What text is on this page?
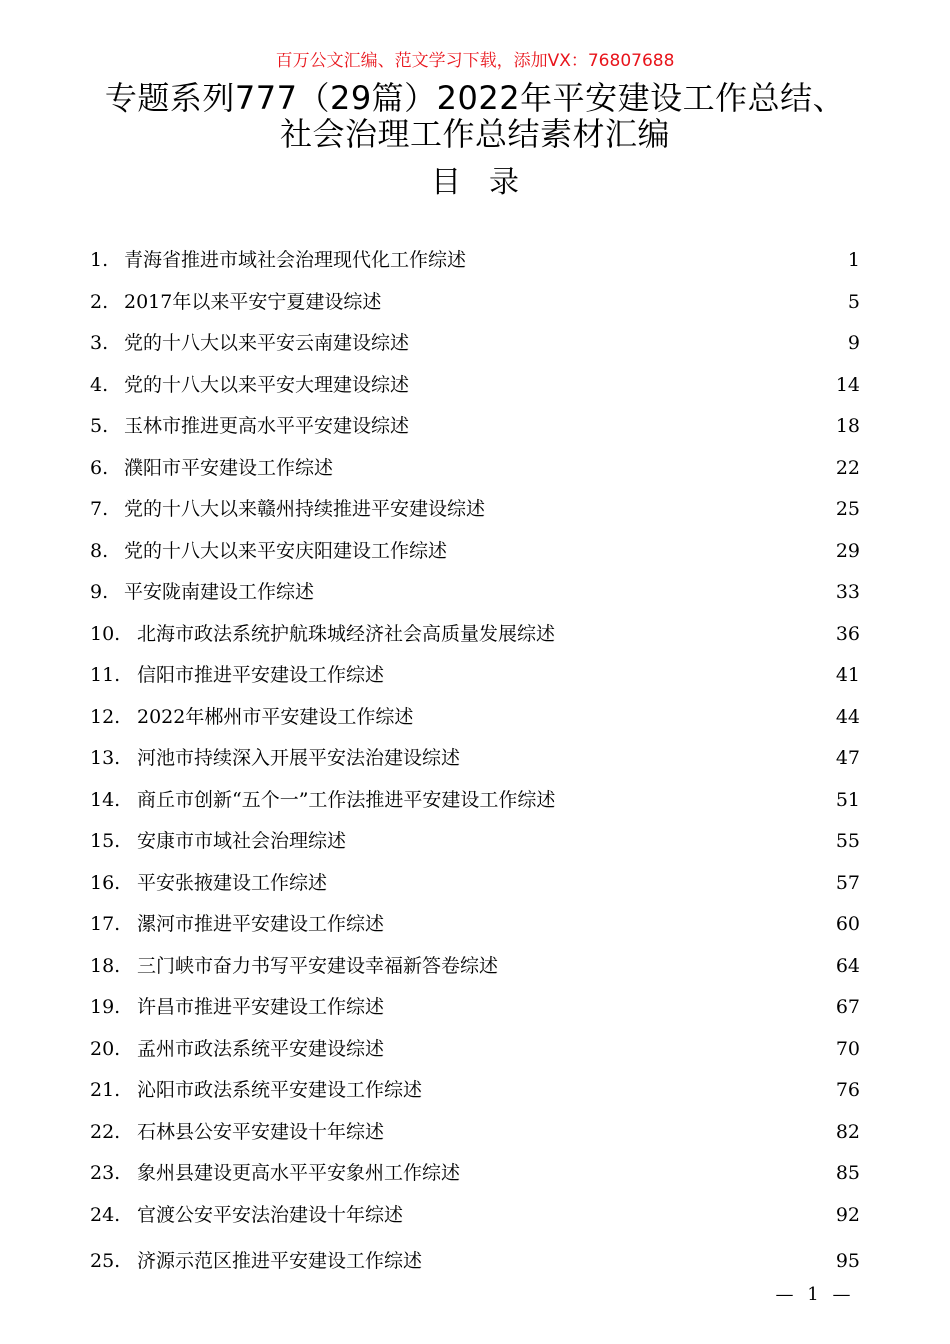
百万公文汇编、范文学习下载，添加VX：76807688
专题系列777（29篇）2022年平安建设工作总结、
社会治理工作总结素材汇编
目录
1. 青海省推进市域社会治理现代化工作综述	1
2. 2017年以来平安宁夏建设综述	5
3. 党的十八大以来平安云南建设综述	9
4. 党的十八大以来平安大理建设综述	14
5. 玉林市推进更高水平平安建设综述	18
6. 濮阳市平安建设工作综述	22
7. 党的十八大以来赣州持续推进平安建设综述	25
8. 党的十八大以来平安庆阳建设工作综述	29
9. 平安陇南建设工作综述	33
10. 北海市政法系统护航珠城经济社会高质量发展综述	36
11. 信阳市推进平安建设工作综述	41
12. 2022年郴州市平安建设工作综述	44
13. 河池市持续深入开展平安法治建设综述	47
14. 商丘市创新“五个一”工作法推进平安建设工作综述	51
15. 安康市市域社会治理综述	55
16. 平安张掖建设工作综述	57
17. 漯河市推进平安建设工作综述	60
18. 三门峡市奋力书写平安建设幸福新答卷综述	64
19. 许昌市推进平安建设工作综述	67
20. 孟州市政法系统平安建设综述	70
21. 沁阳市政法系统平安建设工作综述	76
22. 石林县公安平安建设十年综述	82
23. 象州县建设更高水平平安象州工作综述	85
24. 官渡公安平安法治建设十年综述	92
25. 济源示范区推进平安建设工作综述	95
— 1 —
